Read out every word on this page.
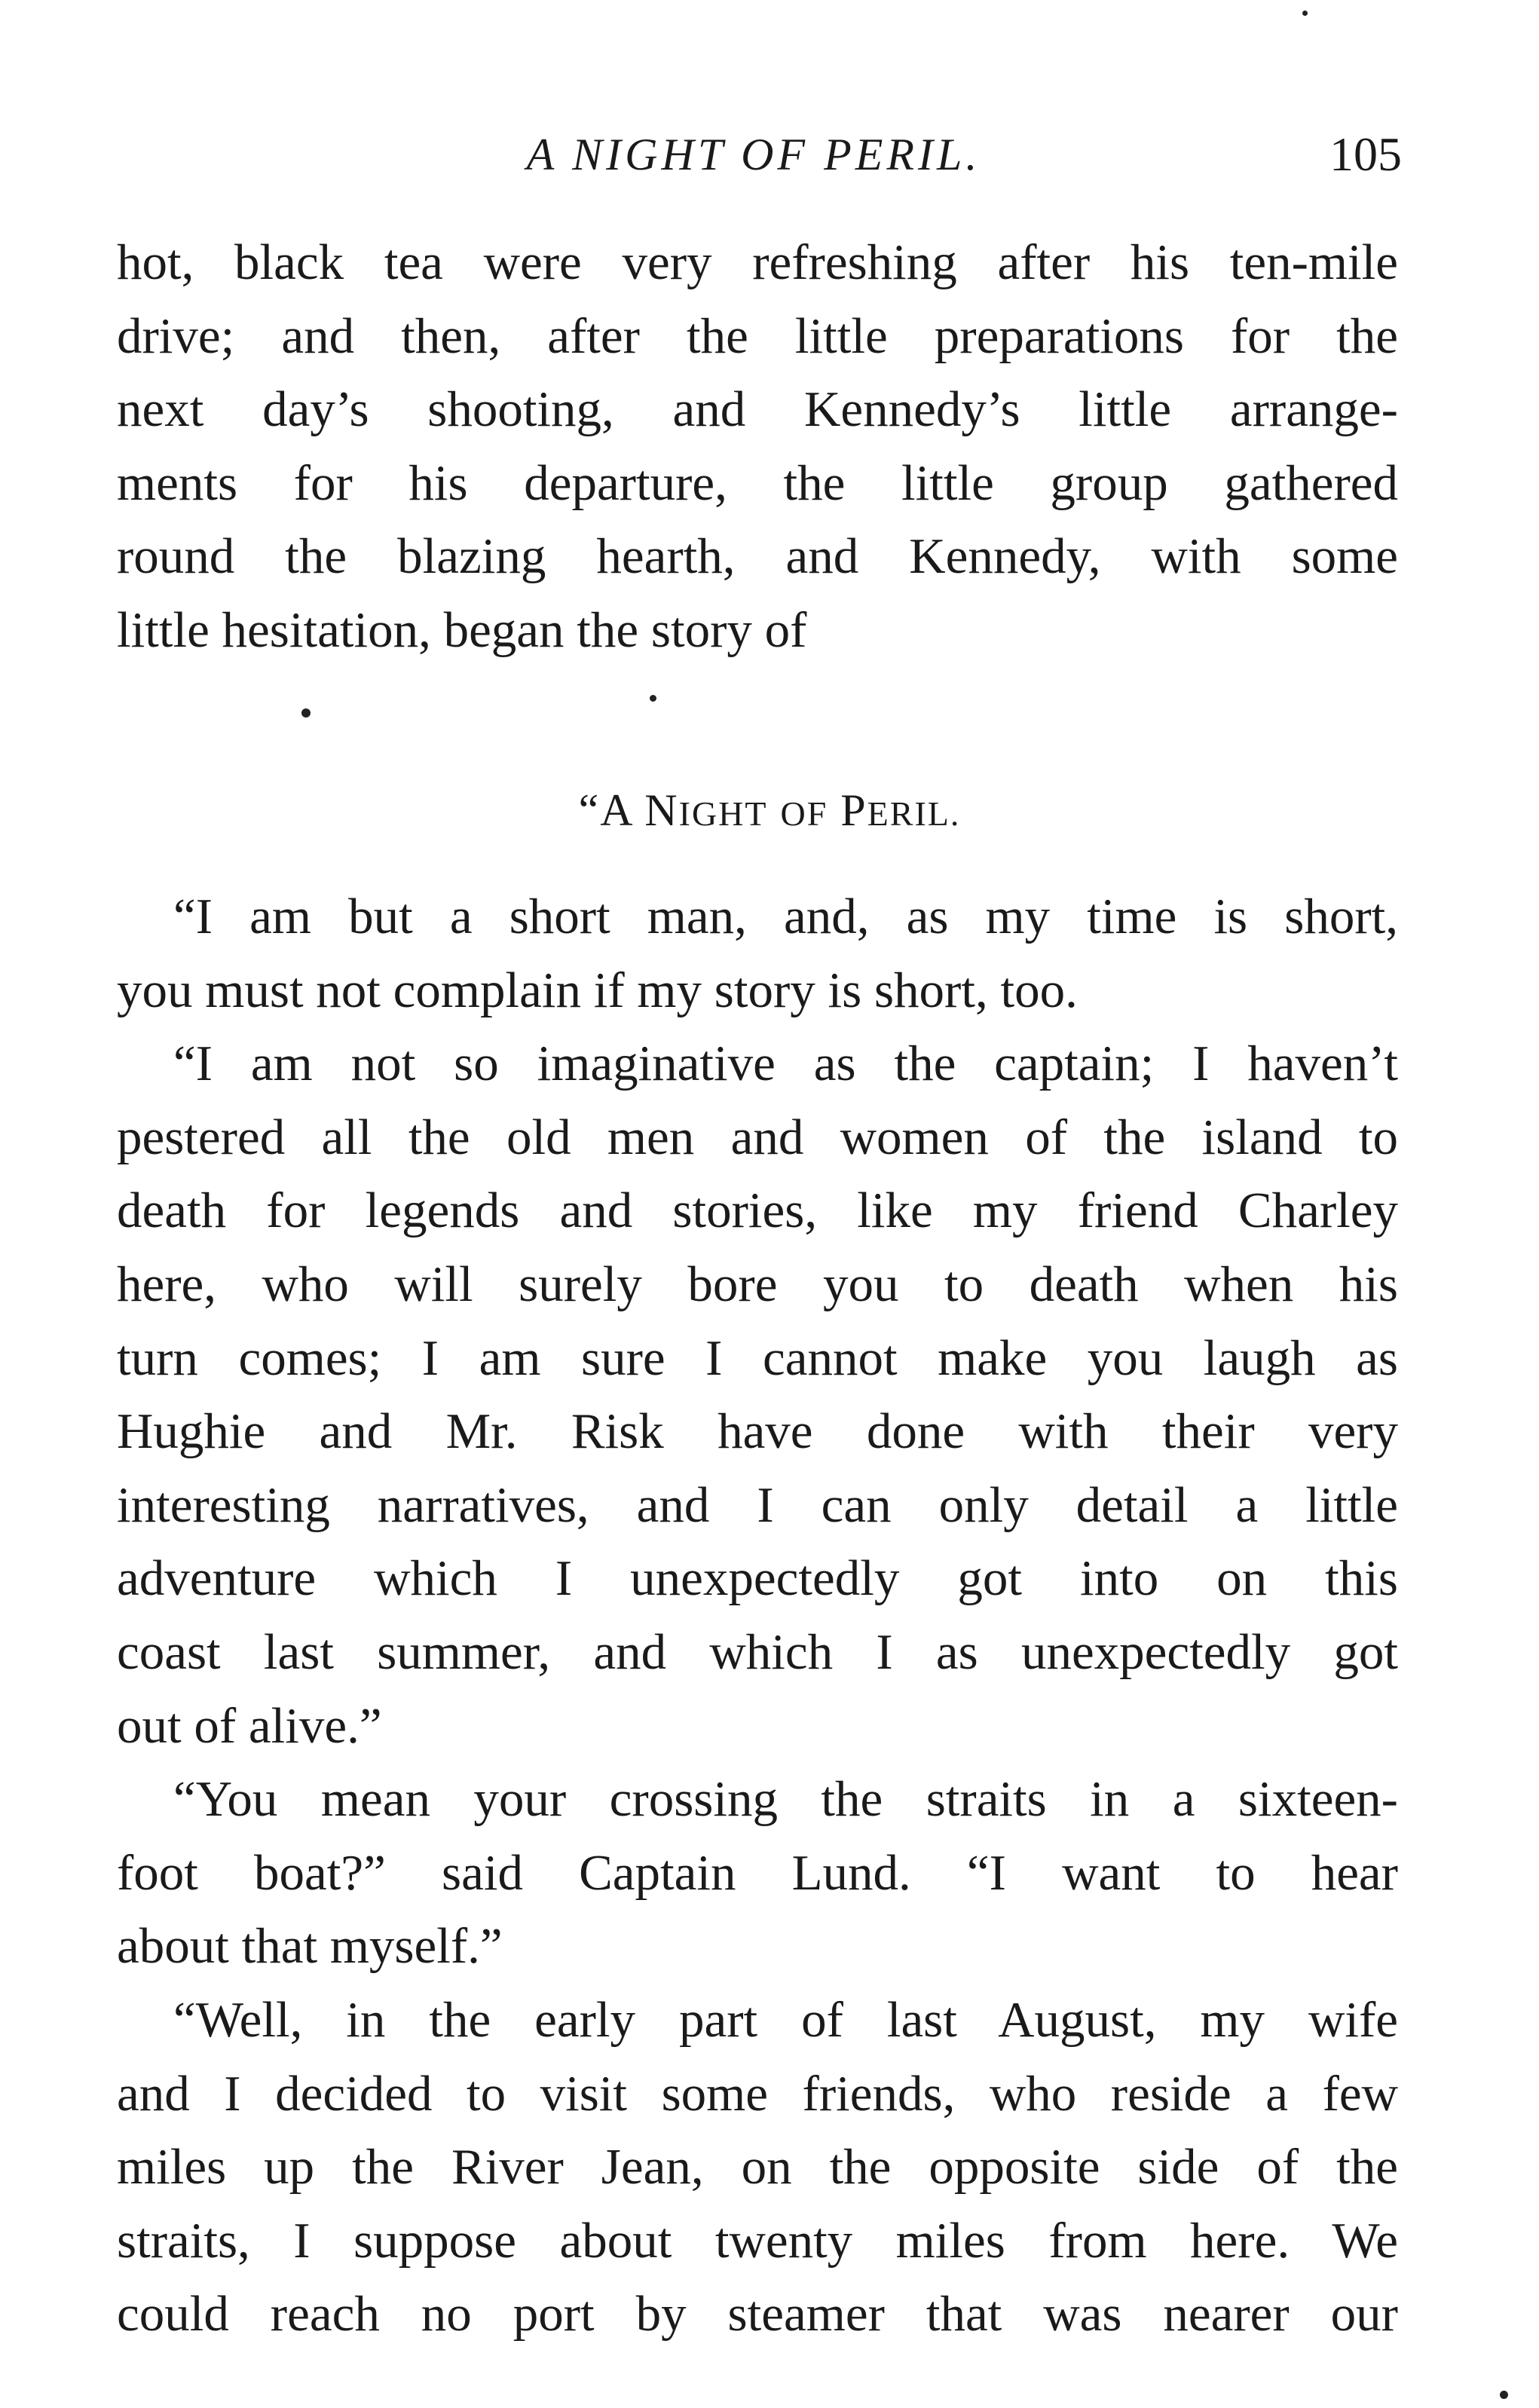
A NIGHT OF PERIL.	105
hot, black tea were very refreshing after his ten-mile
drive; and then, after the little preparations for the
next day’s shooting, and Kennedy’s little arrange-
ments for his departure, the little group gathered
round the blazing hearth, and Kennedy, with some
little hesitation, began the story of
“A NIGHT OF PERIL.
“I am but a short man, and, as my time is short,
you must not complain if my story is short, too.
“I am not so imaginative as the captain; I haven’t
pestered all the old men and women of the island to
death for legends and stories, like my friend Charley
here, who will surely bore you to death when his
turn comes; I am sure I cannot make you laugh as
Hughie and Mr. Risk have done with their very
interesting narratives, and I can only detail a little
adventure which I unexpectedly got into on this
coast last summer, and which I as unexpectedly got
out of alive.”
“You mean your crossing the straits in a sixteen-
foot boat?” said Captain Lund. “I want to hear
about that myself.”
“Well, in the early part of last August, my wife
and I decided to visit some friends, who reside a few
miles up the River Jean, on the opposite side of the
straits, I suppose about twenty miles from here. We
could reach no port by steamer that was nearer our
